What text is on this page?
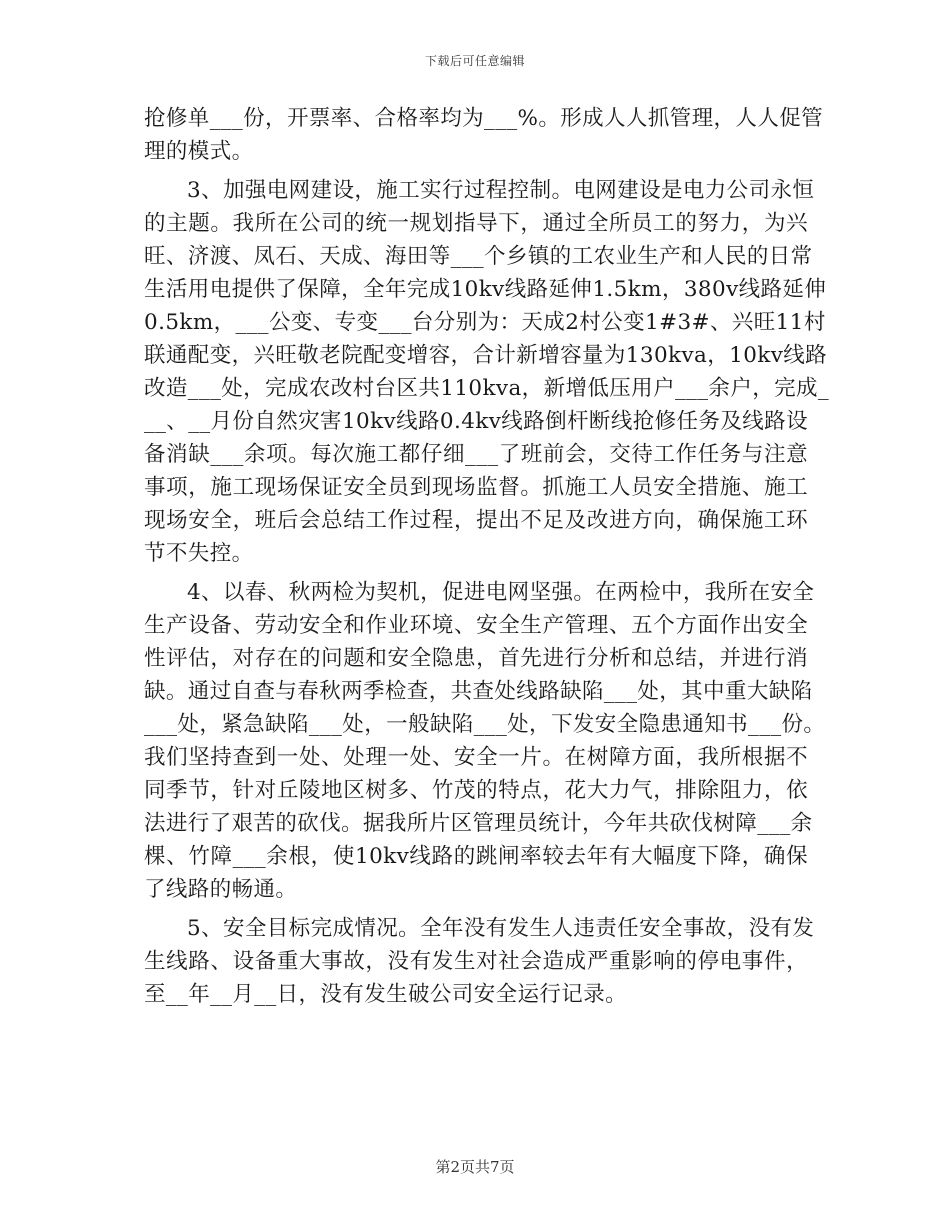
下载后可任意编辑
抢修单___份，开票率、合格率均为___%。形成人人抓管理，人人促管
理的模式。
3、加强电网建设，施工实行过程控制。电网建设是电力公司永恒
的主题。我所在公司的统一规划指导下，通过全所员工的努力，为兴
旺、济渡、凤石、天成、海田等___个乡镇的工农业生产和人民的日常
生活用电提供了保障，全年完成10kv线路延伸1.5km，380v线路延伸
0.5km，___公变、专变___台分别为：天成2村公变1#3#、兴旺11村
联通配变，兴旺敬老院配变增容，合计新增容量为130kva，10kv线路
改造___处，完成农改村台区共110kva，新增低压用户___余户，完成_
__、__月份自然灾害10kv线路0.4kv线路倒杆断线抢修任务及线路设
备消缺___余项。每次施工都仔细___了班前会，交待工作任务与注意
事项，施工现场保证安全员到现场监督。抓施工人员安全措施、施工
现场安全，班后会总结工作过程，提出不足及改进方向，确保施工环
节不失控。
4、以春、秋两检为契机，促进电网坚强。在两检中，我所在安全
生产设备、劳动安全和作业环境、安全生产管理、五个方面作出安全
性评估，对存在的问题和安全隐患，首先进行分析和总结，并进行消
缺。通过自查与春秋两季检查，共查处线路缺陷___处，其中重大缺陷
___处，紧急缺陷___处，一般缺陷___处，下发安全隐患通知书___份。
我们坚持查到一处、处理一处、安全一片。在树障方面，我所根据不
同季节，针对丘陵地区树多、竹茂的特点，花大力气，排除阻力，依
法进行了艰苦的砍伐。据我所片区管理员统计，今年共砍伐树障___余
棵、竹障___余根，使10kv线路的跳闸率较去年有大幅度下降，确保
了线路的畅通。
5、安全目标完成情况。全年没有发生人违责任安全事故，没有发
生线路、设备重大事故，没有发生对社会造成严重影响的停电事件，
至__年__月__日，没有发生破公司安全运行记录。
第2页共7页
